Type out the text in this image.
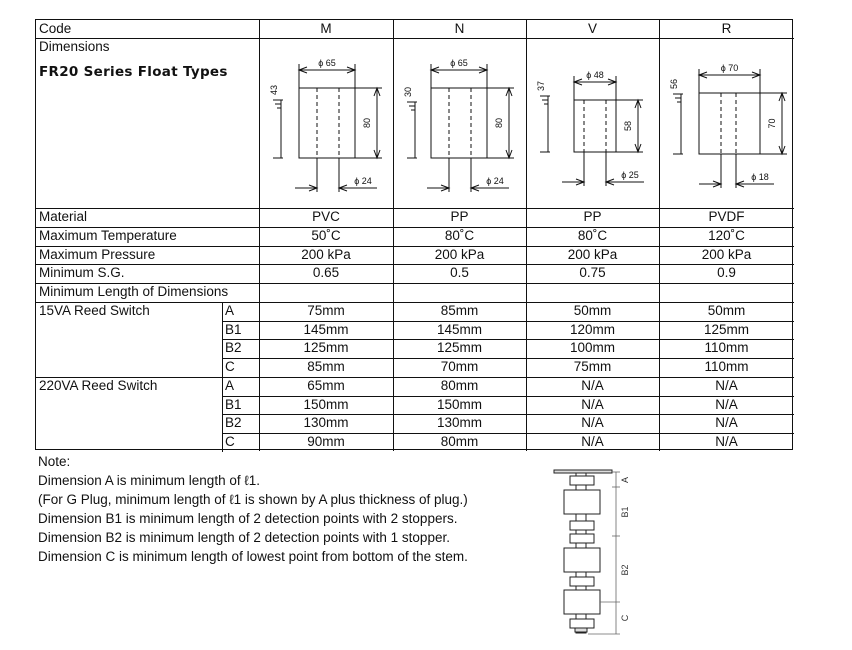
Code	M	N	V	R
Dimensions
FR20 Series Float Types
Material	PVC	PP	PP	PVDF
Maximum Temperature	50˚C	80˚C	80˚C	120˚C
Maximum Pressure	200 kPa	200 kPa	200 kPa	200 kPa
Minimum S.G.	0.65	0.5	0.75	0.9
Minimum Length of Dimensions
15VA Reed Switch	A	75mm	85mm	50mm	50mm
B1	145mm	145mm	120mm	125mm
B2	125mm	125mm	100mm	110mm
C	85mm	70mm	75mm	110mm
220VA Reed Switch	A	65mm	80mm	N/A	N/A
B1	150mm	150mm	N/A	N/A
B2	130mm	130mm	N/A	N/A
C	90mm	80mm	N/A	N/A
ϕ 65
80
ϕ 24
43
ϕ 65
80
ϕ 24
30
ϕ 48
58
ϕ 25
37
ϕ 70
70
ϕ 18
56
Note:
Dimension A is minimum length of ℓ1.
(For G Plug, minimum length of ℓ1 is shown by A plus thickness of plug.)
Dimension B1 is minimum length of 2 detection points with 2 stoppers.
Dimension B2 is minimum length of 2 detection points with 1 stopper.
Dimension C is minimum length of lowest point from bottom of the stem.
A
B1
B2
C
